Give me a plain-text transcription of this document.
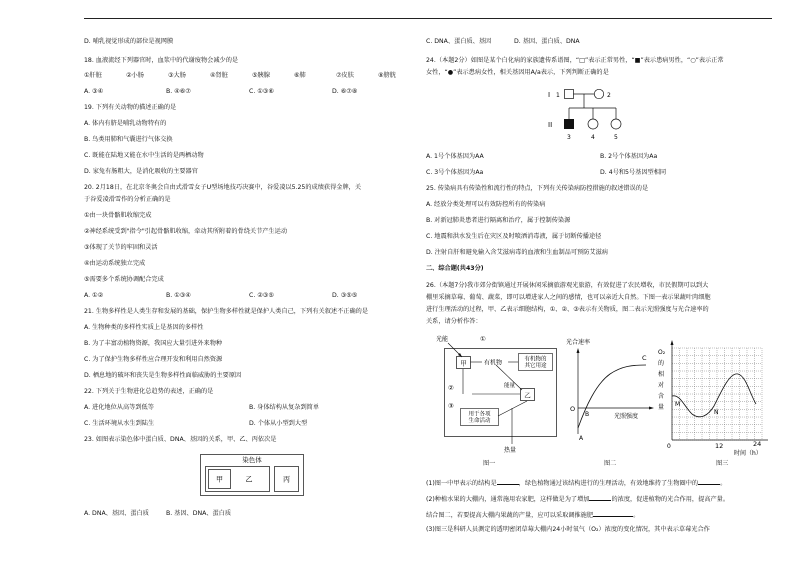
D. 哺乳视觉形成的部位是视网膜
18. 血液流经下列器官时，血浆中的代谢废物会减少的是
①肝脏	②小肠	③大肠	④肾脏	⑤胰腺	⑥肺	⑦皮肤	⑧膀胱
A. ③④	B. ④⑥⑦	C. ①③⑥	D. ⑥⑦⑧
19. 下列有关动物的描述正确的是
A. 体内有脐是哺乳动物特有的
B. 鸟类用肺和气囊进行气体交换
C. 既能在陆地又能在水中生活的是两栖动物
D. 家兔有肠粗大，是消化吸收的主要器官
20. 2月18日，在北京冬奥会自由式滑雪女子U型场地技巧决赛中，谷爱凌以5.25的成绩获得金牌，关
于谷爱凌滑雪作的分析正确的是
①由一块骨骼肌收缩完成
②神经系统受到"指令"引起骨骼肌收缩，牵动其所附着的骨绕关节产生运动
③体现了关节的牢固和灵活
④由运动系统独立完成
⑤需要多个系统协调配合完成
A. ①②	B. ①③④	C. ②③⑤	D. ③⑤⑤
21. 生物多样性是人类生存和发展的基础，保护生物多样性就是保护人类自己，下列有关叙述不正确的是
A. 生物种类的多样性实质上是基因的多样性
B. 为了丰富动植物资源，我国应大量引进外来物种
C. 为了保护生物多样性应合理开发和利用自然资源
D. 栖息地的破坏和丧失是生物多样性面临威胁的主要原因
22. 下列关于生物进化总趋势的表述，正确的是
A. 进化地位从高等到低等	B. 身体结构从复杂到简单
C. 生活环境从水生到陆生	D. 个体从小型到大型
23. 如图表示染色体中蛋白质、DNA、基因的关系，甲、乙、丙依次是
染色体
甲	乙	丙
A. DNA、基因、蛋白质	B. 基因、DNA、蛋白质
C. DNA、蛋白质、基因	D. 基因、蛋白质、DNA
24.（本题2分）如图是某个白化病的家族遗传系谱图，“□”表示正常男性，“■”表示患病男性，“○”表示正常
女性，“●”表示患病女性，相关基因用A/a表示，下列判断正确的是
I
II
2
1
3	4	5
A. 1号个体基因为AA	B. 2号个体基因为Aa
C. 3号个体基因为Aa	D. 4号和5号基因型相同
25. 传染病具有传染性和流行性的特点，下列有关传染病防控措施的叙述错误的是
A. 经放分类处理可以有效防控所有的传染病
B. 对新冠肺炎患者进行隔离和治疗，属于控制传染源
C. 地震和洪水发生后在灾区及时喷洒消毒液，属于切断传播途径
D. 注射自肝和避免输入含艾滋病毒的血液和生血制品可预防艾滋病
二、综合题(共43分)
26.（本题7分)我市郊分街镇通过开展休闲采摘旅游观光旅游，有效促进了农民增收，市民假期可以到大
棚里采摘草莓、葡萄、蔬菜，即可以增进家人之间的感情，也可以亲近大自然。下图一表示果蔬叶肉细胞
进行生理活动的过程，甲、乙表示细胞结构，①、②、③表示有关物质，图二表示光照强度与光合速率的
关系，请分析作答：
光能	①
甲	有机物	有机物的
其它用途
乙
②
③
能量
用于各项
生命活动
热量
图一
光合速率
O
B
A
C
光照强度
图二
O₂
的
相
对
含
量 M
N
0	12	24
时间（h）
图三
(1)图一中甲表示的结构是	，绿色植物通过该结构进行的生理活动，有效地维持了生物圈中的	。
(2)种植水果的大棚内，通常施用农家肥，这样做是为了增加	的浓度，促进植物的光合作用，提高产量。
结合图二，若要提高大棚内果蔬的产量，应可以采取调推施肥	。
(3)图三是科研人员测定的透明密闭草莓大棚内24小时氧气（O₂）浓度的变化情况，其中表示草莓光合作
